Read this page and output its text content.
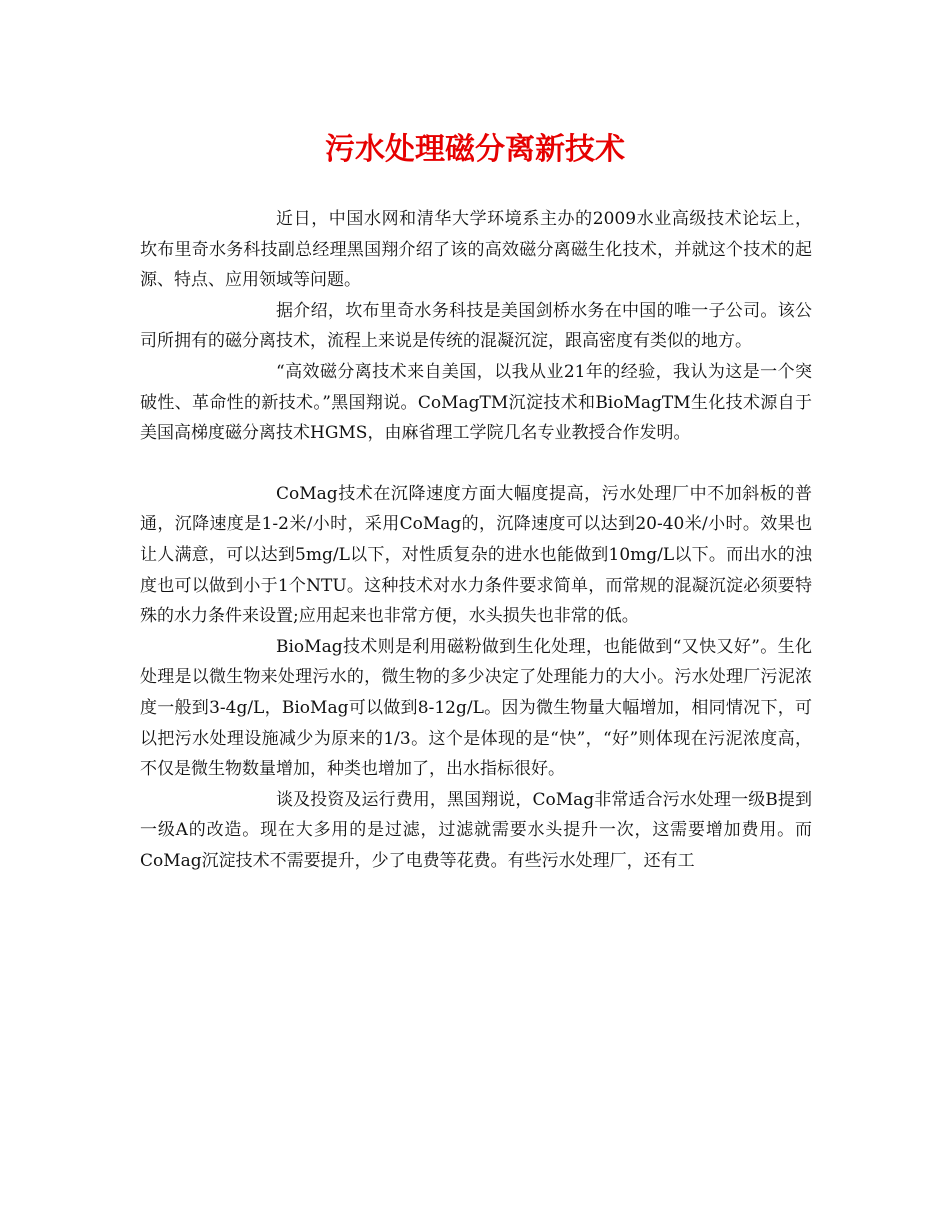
污水处理磁分离新技术

近日，中国水网和清华大学环境系主办的2009水业高级技术论坛上，坎布里奇水务科技副总经理黑国翔介绍了该的高效磁分离磁生化技术，并就这个技术的起源、特点、应用领域等问题。

据介绍，坎布里奇水务科技是美国剑桥水务在中国的唯一子公司。该公司所拥有的磁分离技术，流程上来说是传统的混凝沉淀，跟高密度有类似的地方。

“高效磁分离技术来自美国，以我从业21年的经验，我认为这是一个突破性、革命性的新技术。”黑国翔说。CoMagTM沉淀技术和BioMagTM生化技术源自于美国高梯度磁分离技术HGMS，由麻省理工学院几名专业教授合作发明。

CoMag技术在沉降速度方面大幅度提高，污水处理厂中不加斜板的普通，沉降速度是1-2米/小时，采用CoMag的，沉降速度可以达到20-40米/小时。效果也让人满意，可以达到5mg/L以下，对性质复杂的进水也能做到10mg/L以下。而出水的浊度也可以做到小于1个NTU。这种技术对水力条件要求简单，而常规的混凝沉淀必须要特殊的水力条件来设置;应用起来也非常方便，水头损失也非常的低。

BioMag技术则是利用磁粉做到生化处理，也能做到“又快又好”。生化处理是以微生物来处理污水的，微生物的多少决定了处理能力的大小。污水处理厂污泥浓度一般到3-4g/L，BioMag可以做到8-12g/L。因为微生物量大幅增加，相同情况下，可以把污水处理设施减少为原来的1/3。这个是体现的是“快”，“好”则体现在污泥浓度高，不仅是微生物数量增加，种类也增加了，出水指标很好。

谈及投资及运行费用，黑国翔说，CoMag非常适合污水处理一级B提到一级A的改造。现在大多用的是过滤，过滤就需要水头提升一次，这需要增加费用。而CoMag沉淀技术不需要提升，少了电费等花费。有些污水处理厂，还有工
